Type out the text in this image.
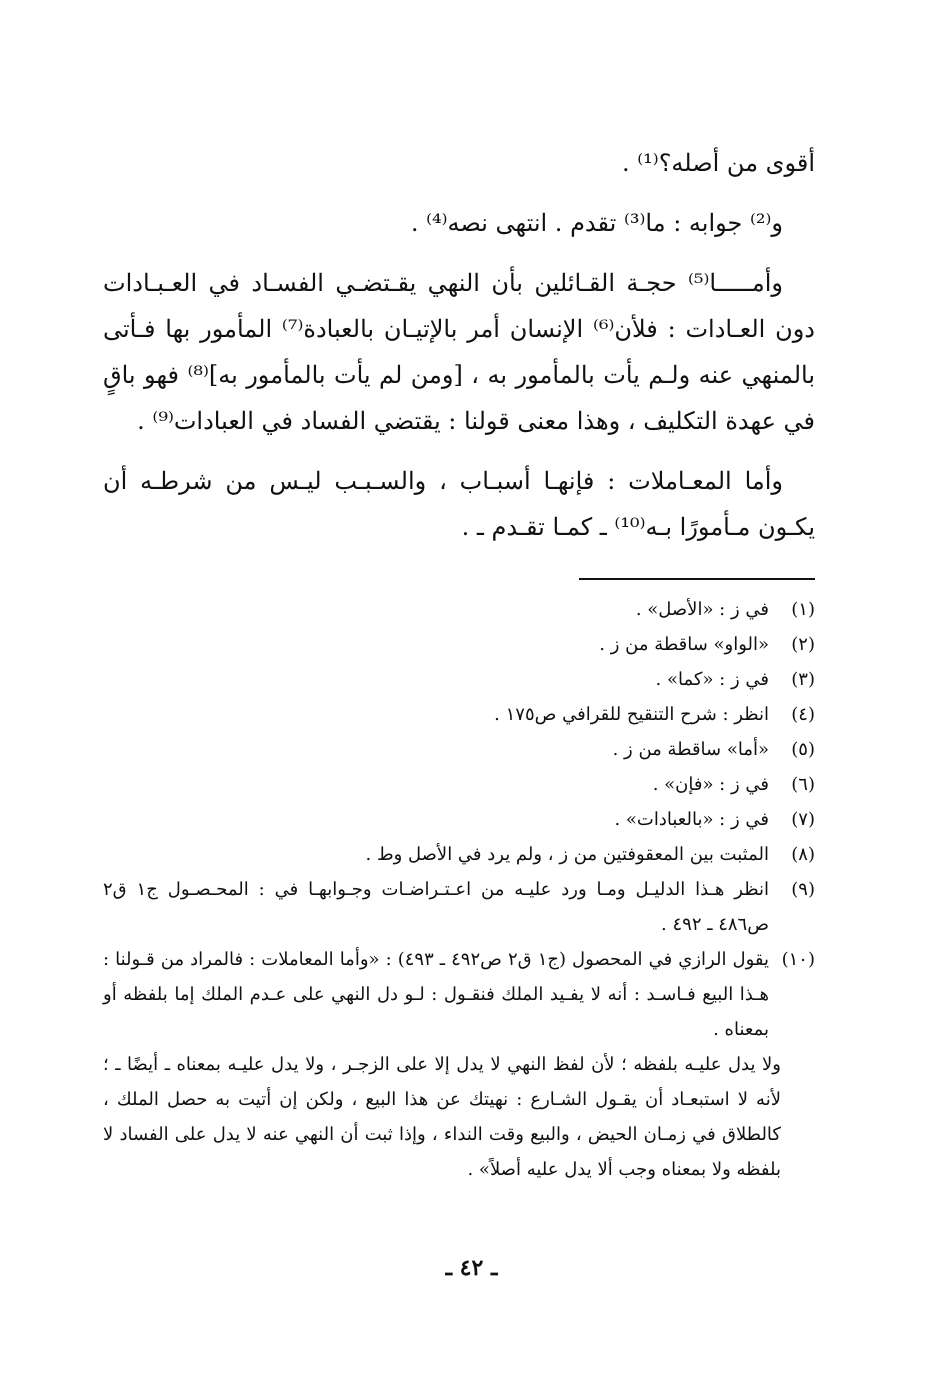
أقوى من أصله؟⁽¹⁾ .

و⁽²⁾ جوابه : ما⁽³⁾ تقدم . انتهى نصه⁽⁴⁾ .

وأمـــــا⁽⁵⁾ حجـة القـائلين بأن النهي يقـتضـي الفسـاد في العـبـادات دون العـادات : فلأن⁽⁶⁾ الإنسان أمر بالإتيـان بالعبادة⁽⁷⁾ المأمور بها فـأتى بالمنهي عنه ولـم يأت بالمأمور به ، [ومن لم يأت بالمأمور به]⁽⁸⁾ فهو باقٍ في عهدة التكليف ، وهذا معنى قولنا : يقتضي الفساد في العبادات⁽⁹⁾ .

وأما المعـاملات : فإنهـا أسبـاب ، والسـبـب ليـس من شرطـه أن يكـون مـأمورًا بـه⁽¹⁰⁾ ـ كمـا تقـدم ـ .

(١)
في ز : «الأصل» .

(٢)
«الواو» ساقطة من ز .

(٣)
في ز : «كما» .

(٤)
انظر : شرح التنقيح للقرافي ص١٧٥ .

(٥)
«أما» ساقطة من ز .

(٦)
في ز : «فإن» .

(٧)
في ز : «بالعبادات» .

(٨)
المثبت بين المعقوفتين من ز ، ولم يرد في الأصل وط .

(٩)
انظر هـذا الدليـل ومـا ورد عليـه من اعـتـراضـات وجـوابهـا في : المحـصـول ج١ ق٢ ص٤٨٦ ـ ٤٩٢ .

(١٠)
يقول الرازي في المحصول (ج١ ق٢ ص٤٩٢ ـ ٤٩٣) : «وأما المعاملات : فالمراد من قـولنا : هـذا البيع فـاسـد : أنه لا يفـيد الملك فنقـول : لـو دل النهي على عـدم الملك إما بلفظه أو بمعناه .

ولا يدل عليـه بلفظه ؛ لأن لفظ النهي لا يدل إلا على الزجـر ، ولا يدل عليـه بمعناه ـ أيضًا ـ ؛ لأنه لا استبعـاد أن يقـول الشـارع : نهيتك عن هذا البيع ، ولكن إن أتيت به حصل الملك ، كالطلاق في زمـان الحيض ، والبيع وقت النداء ، وإذا ثبت أن النهي عنه لا يدل على الفساد لا بلفظه ولا بمعناه وجب ألا يدل عليه أصلاً» .

ـ ٤٢ ـ
